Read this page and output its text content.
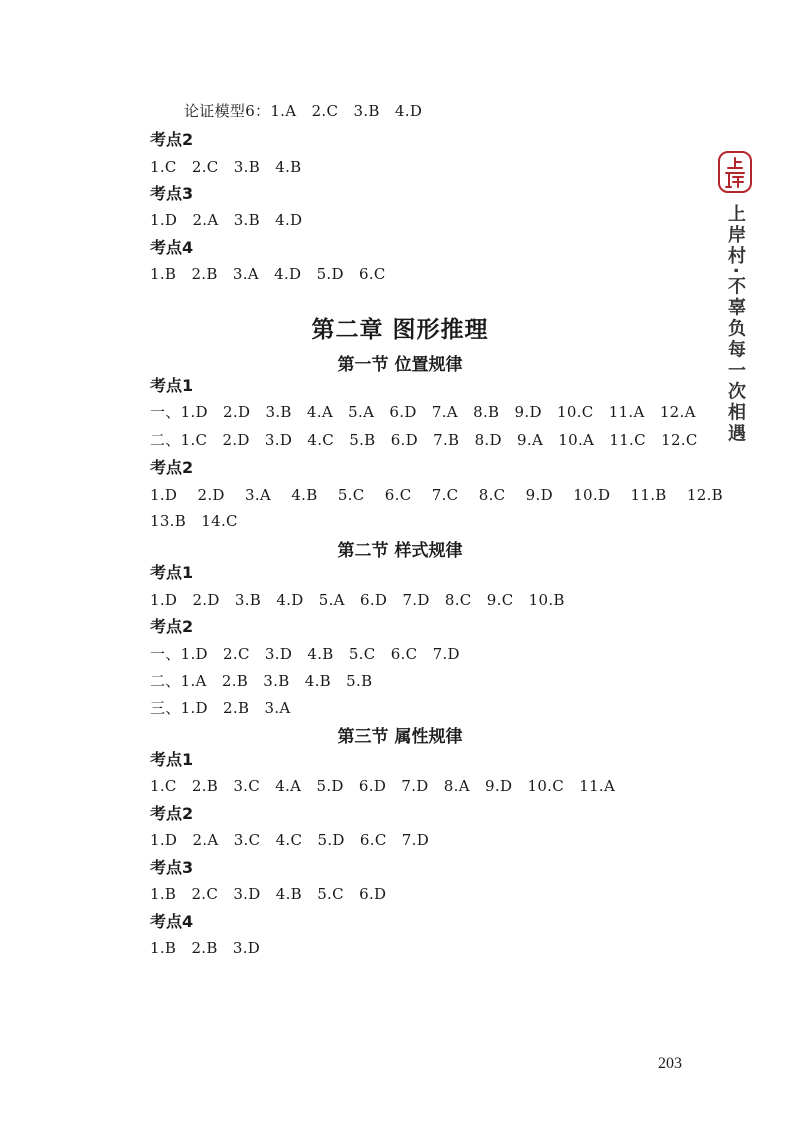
论证模型6：1.A   2.C   3.B   4.D
考点2
1.C   2.C   3.B   4.B
考点3
1.D   2.A   3.B   4.D
考点4
1.B   2.B   3.A   4.D   5.D   6.C
第二章 图形推理
第一节 位置规律
考点1
一、1.D   2.D   3.B   4.A   5.A   6.D   7.A   8.B   9.D   10.C   11.A   12.A
二、1.C   2.D   3.D   4.C   5.B   6.D   7.B   8.D   9.A   10.A   11.C   12.C
考点2
1.D    2.D    3.A    4.B    5.C    6.C    7.C    8.C    9.D    10.D    11.B    12.B
13.B   14.C
第二节 样式规律
考点1
1.D   2.D   3.B   4.D   5.A   6.D   7.D   8.C   9.C   10.B
考点2
一、1.D   2.C   3.D   4.B   5.C   6.C   7.D
二、1.A   2.B   3.B   4.B   5.B
三、1.D   2.B   3.A
第三节 属性规律
考点1
1.C   2.B   3.C   4.A   5.D   6.D   7.D   8.A   9.D   10.C   11.A
考点2
1.D   2.A   3.C   4.C   5.D   6.C   7.D
考点3
1.B   2.C   3.D   4.B   5.C   6.D
考点4
1.B   2.B   3.D
上岸村·不辜负每一次相遇
203
